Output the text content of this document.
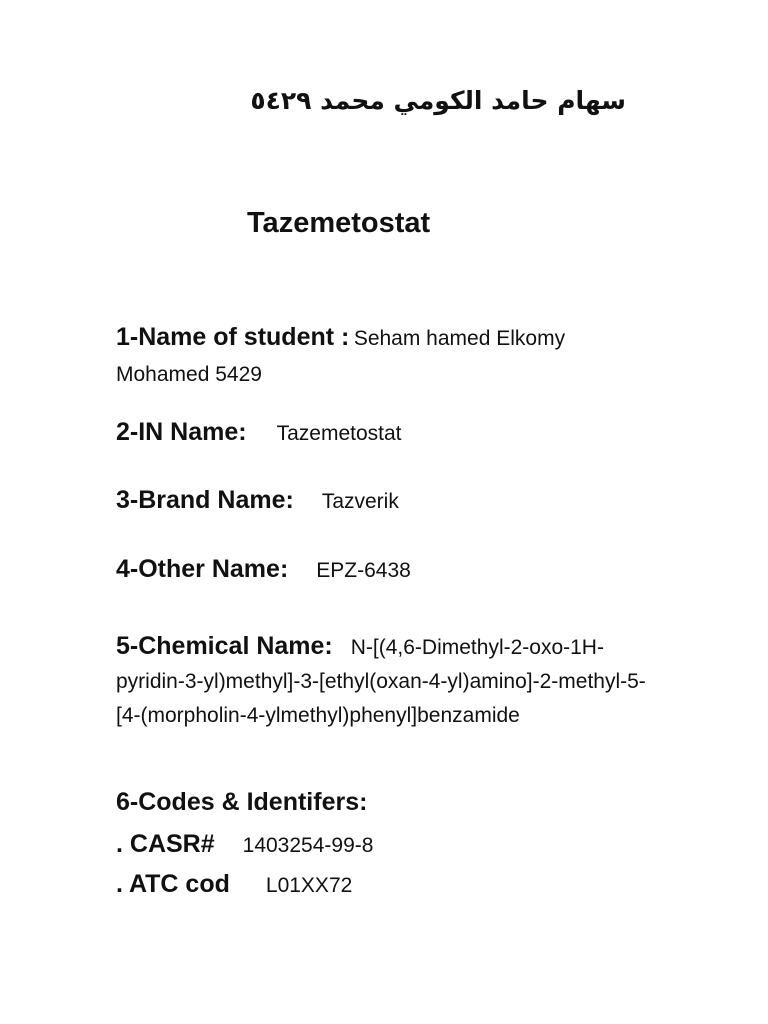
سهام حامد الكومي محمد ٥٤٢٩
Tazemetostat

1-Name of student : Seham hamed Elkomy Mohamed 5429

2-IN Name: Tazemetostat

3-Brand Name: Tazverik

4-Other Name: EPZ-6438

5-Chemical Name: N-[(4,6-Dimethyl-2-oxo-1H-pyridin-3-yl)methyl]-3-[ethyl(oxan-4-yl)amino]-2-methyl-5-[4-(morpholin-4-ylmethyl)phenyl]benzamide

6-Codes & Identifers:

. CASR# 1403254-99-8

. ATC cod L01XX72
